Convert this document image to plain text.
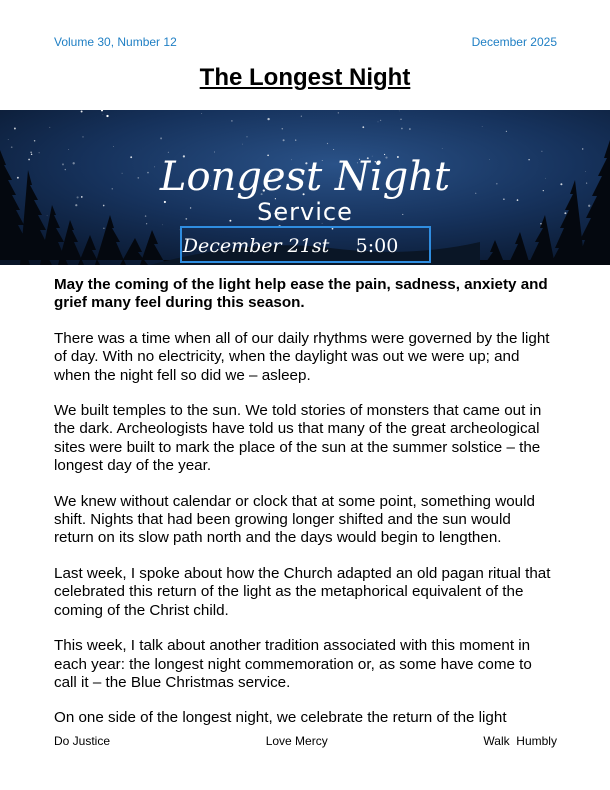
Volume 30, Number 12	December 2025
The Longest Night
Longest Night
Service
December 21st 5:00

May the coming of the light help ease the pain, sadness, anxiety and grief many feel during this season.

There was a time when all of our daily rhythms were governed by the light of day. With no electricity, when the daylight was out we were up; and when the night fell so did we – asleep.

We built temples to the sun. We told stories of monsters that came out in the dark. Archeologists have told us that many of the great archeological sites were built to mark the place of the sun at the summer solstice – the longest day of the year.

We knew without calendar or clock that at some point, something would shift. Nights that had been growing longer shifted and the sun would return on its slow path north and the days would begin to lengthen.

Last week, I spoke about how the Church adapted an old pagan ritual that celebrated this return of the light as the metaphorical equivalent of the coming of the Christ child.

This week, I talk about another tradition associated with this moment in each year: the longest night commemoration or, as some have come to call it – the Blue Christmas service.

On one side of the longest night, we celebrate the return of the light

Do Justice	Love Mercy	Walk  Humbly
